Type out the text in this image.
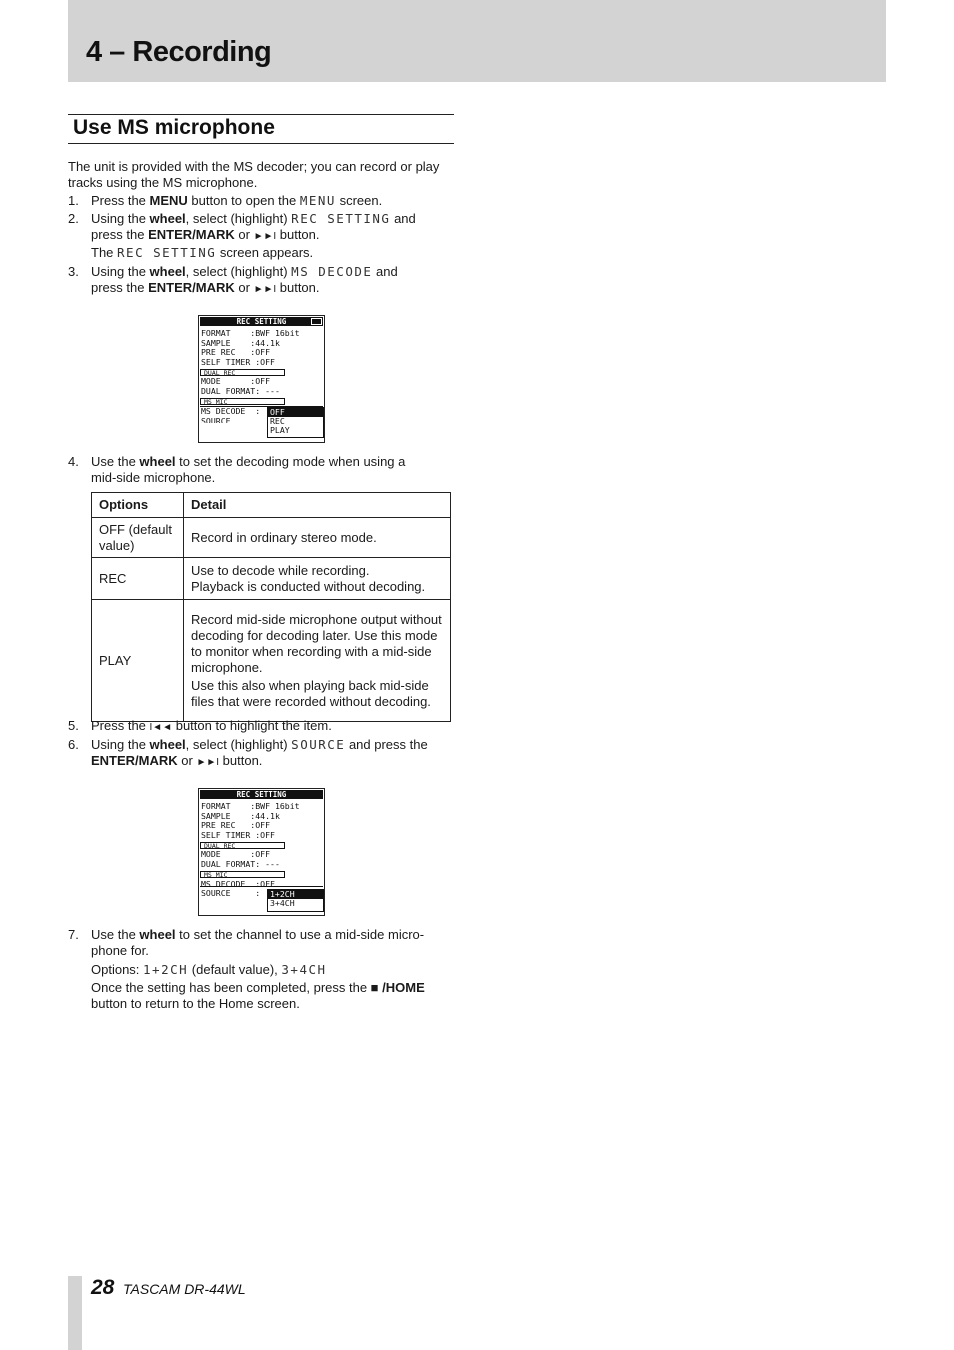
4 – Recording
Use MS microphone
The unit is provided with the MS decoder; you can record or play tracks using the MS microphone.
1. Press the MENU button to open the MENU screen.
2. Using the wheel, select (highlight) REC SETTING and
press the ENTER/MARK or ►►I button.
The REC SETTING screen appears.
3. Using the wheel, select (highlight) MS DECODE and
press the ENTER/MARK or ►►I button.
REC SETTING
FORMAT    :BWF 16bit
SAMPLE    :44.1k
PRE REC   :OFF
SELF TIMER :OFF
DUAL REC
MODE      :OFF
DUAL FORMAT: ---
MS MIC
MS DECODE  :
SOURCE
OFF
REC
PLAY
4. Use the wheel to set the decoding mode when using a
mid-side microphone.
Options	Detail
OFF (default value)	Record in ordinary stereo mode.

REC	Use to decode while recording.
Playback is conducted without decoding.

PLAY	Record mid-side microphone output without decoding for decoding later. Use this mode to monitor when recording with a mid-side microphone.
Use this also when playing back mid-side files that were recorded without decoding.
5. Press the I◄◄ button to highlight the item.
6. Using the wheel, select (highlight) SOURCE and press the
ENTER/MARK or ►►I button.
REC SETTING
FORMAT    :BWF 16bit
SAMPLE    :44.1k
PRE REC   :OFF
SELF TIMER :OFF
DUAL REC
MODE      :OFF
DUAL FORMAT: ---
MS MIC
MS DECODE  :OFF
SOURCE     : 1+2CH
3+4CH
7. Use the wheel to set the channel to use a mid-side micro-
phone for.
Options: 1+2CH (default value), 3+4CH
Once the setting has been completed, press the ■ /HOME
button to return to the Home screen.
28 TASCAM DR-44WL
